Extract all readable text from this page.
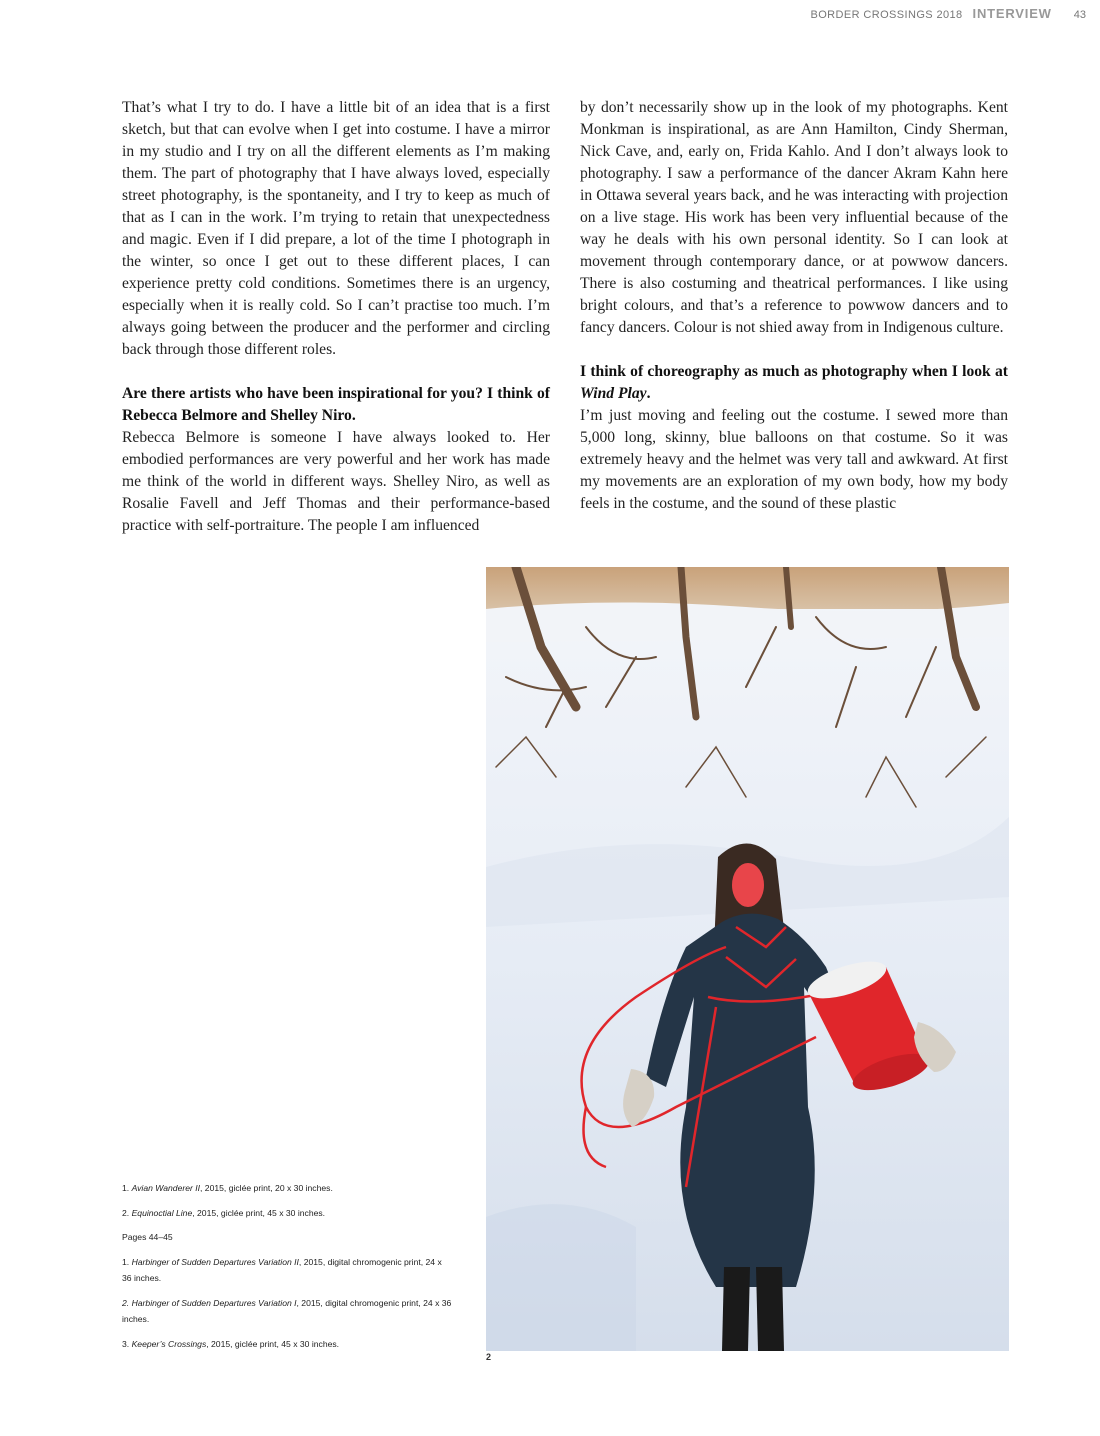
BORDER CROSSINGS 2018 INTERVIEW 43

That’s what I try to do. I have a little bit of an idea that is a first sketch, but that can evolve when I get into costume. I have a mirror in my studio and I try on all the different elements as I’m making them. The part of photography that I have always loved, especially street photography, is the spontaneity, and I try to keep as much of that as I can in the work. I’m trying to retain that unexpectedness and magic. Even if I did prepare, a lot of the time I photograph in the winter, so once I get out to these different places, I can experience pretty cold conditions. Sometimes there is an urgency, especially when it is really cold. So I can’t practise too much. I’m always going between the producer and the performer and circling back through those different roles.

Are there artists who have been inspirational for you? I think of Rebecca Belmore and Shelley Niro.

Rebecca Belmore is someone I have always looked to. Her embodied performances are very powerful and her work has made me think of the world in different ways. Shelley Niro, as well as Rosalie Favell and Jeff Thomas and their performance-based practice with self-portraiture. The people I am influenced

by don’t necessarily show up in the look of my photographs. Kent Monkman is inspirational, as are Ann Hamilton, Cindy Sherman, Nick Cave, and, early on, Frida Kahlo. And I don’t always look to photography. I saw a performance of the dancer Akram Kahn here in Ottawa several years back, and he was interacting with projection on a live stage. His work has been very influential because of the way he deals with his own personal identity. So I can look at movement through contemporary dance, or at powwow dancers. There is also costuming and theatrical performances. I like using bright colours, and that’s a reference to powwow dancers and to fancy dancers. Colour is not shied away from in Indigenous culture.

I think of choreography as much as photography when I look at Wind Play.

I’m just moving and feeling out the costume. I sewed more than 5,000 long, skinny, blue balloons on that costume. So it was extremely heavy and the helmet was very tall and awkward. At first my movements are an exploration of my own body, how my body feels in the costume, and the sound of these plastic

2

1. Avian Wanderer II, 2015, giclée print, 20 x 30 inches.

2. Equinoctial Line, 2015, giclée print, 45 x 30 inches.

Pages 44–45

1. Harbinger of Sudden Departures Variation II, 2015, digital chromogenic print, 24 x 36 inches.

2. Harbinger of Sudden Departures Variation I, 2015, digital chromogenic print, 24 x 36 inches.

3. Keeper’s Crossings, 2015, giclée print, 45 x 30 inches.
